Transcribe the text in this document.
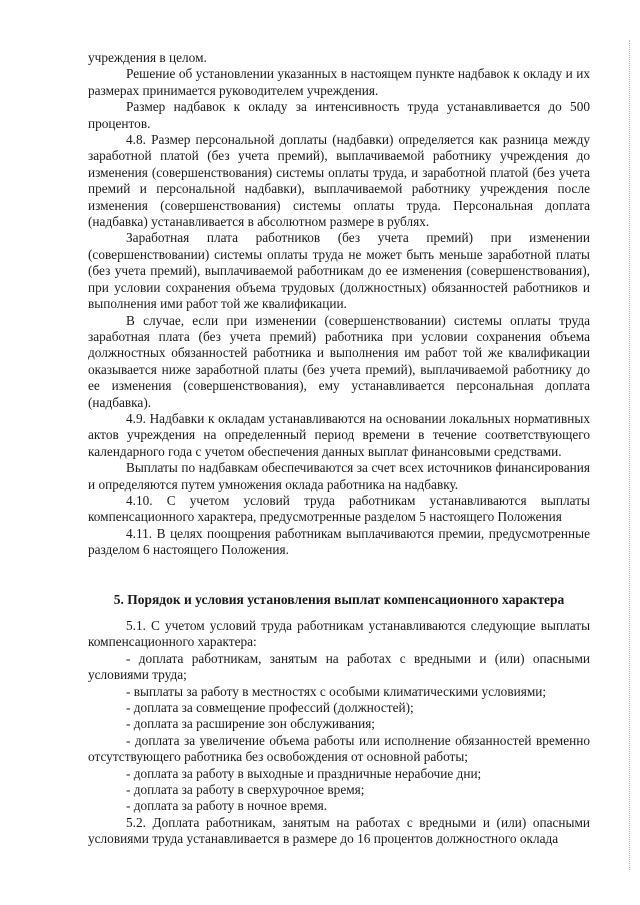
учреждения в целом.

Решение об установлении указанных в настоящем пункте надбавок к окладу и их размерах принимается руководителем учреждения.

Размер надбавок к окладу за интенсивность труда устанавливается до 500 процентов.

4.8. Размер персональной доплаты (надбавки) определяется как разница между заработной платой (без учета премий), выплачиваемой работнику учреждения до изменения (совершенствования) системы оплаты труда, и заработной платой (без учета премий и персональной надбавки), выплачиваемой работнику учреждения после изменения (совершенствования) системы оплаты труда. Персональная доплата (надбавка) устанавливается в абсолютном размере в рублях.

Заработная плата работников (без учета премий) при изменении (совершенствовании) системы оплаты труда не может быть меньше заработной платы (без учета премий), выплачиваемой работникам до ее изменения (совершенствования), при условии сохранения объема трудовых (должностных) обязанностей работников и выполнения ими работ той же квалификации.

В случае, если при изменении (совершенствовании) системы оплаты труда заработная плата (без учета премий) работника при условии сохранения объема должностных обязанностей работника и выполнения им работ той же квалификации оказывается ниже заработной платы (без учета премий), выплачиваемой работнику до ее изменения (совершенствования), ему устанавливается персональная доплата (надбавка).

4.9. Надбавки к окладам устанавливаются на основании локальных нормативных актов учреждения на определенный период времени в течение соответствующего календарного года с учетом обеспечения данных выплат финансовыми средствами.

Выплаты по надбавкам обеспечиваются за счет всех источников финансирования и определяются путем умножения оклада работника на надбавку.

4.10. С учетом условий труда работникам устанавливаются выплаты компенсационного характера, предусмотренные разделом 5 настоящего Положения

4.11. В целях поощрения работникам выплачиваются премии, предусмотренные разделом 6 настоящего Положения.

5. Порядок и условия установления выплат компенсационного характера

5.1. С учетом условий труда работникам устанавливаются следующие выплаты компенсационного характера:

- доплата работникам, занятым на работах с вредными и (или) опасными условиями труда;

- выплаты за работу в местностях с особыми климатическими условиями;

- доплата за совмещение профессий (должностей);

- доплата за расширение зон обслуживания;

- доплата за увеличение объема работы или исполнение обязанностей временно отсутствующего работника без освобождения от основной работы;

- доплата за работу в выходные и праздничные нерабочие дни;

- доплата за работу в сверхурочное время;

- доплата за работу в ночное время.

5.2. Доплата работникам, занятым на работах с вредными и (или) опасными условиями труда устанавливается в размере до 16 процентов должностного оклада
